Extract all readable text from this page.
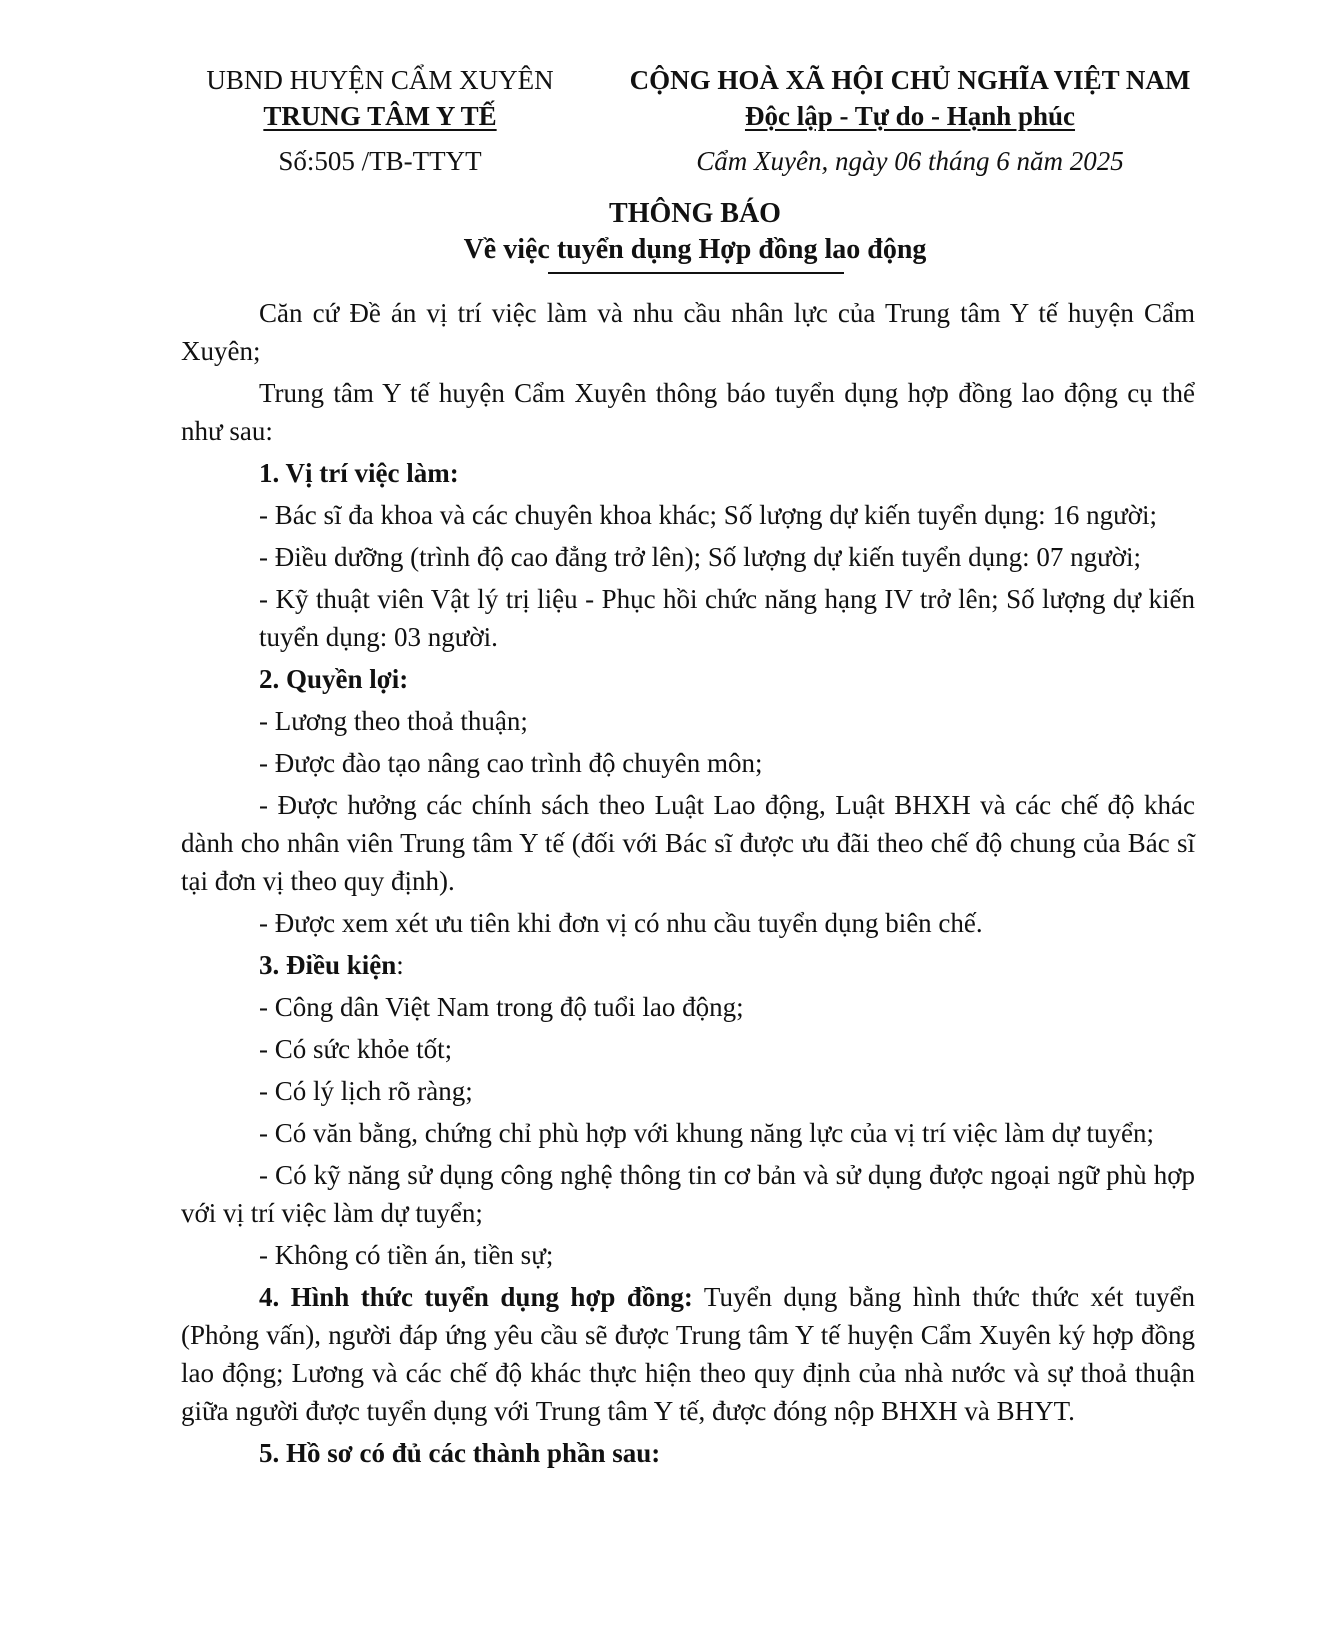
UBND HUYỆN CẨM XUYÊN
TRUNG TÂM Y TẾ
CỘNG HOÀ XÃ HỘI CHỦ NGHĨA VIỆT NAM
Độc lập - Tự do - Hạnh phúc
Số:505 /TB-TTYT	Cẩm Xuyên, ngày 06 tháng 6 năm 2025
THÔNG BÁO
Về việc tuyển dụng Hợp đồng lao động

Căn cứ Đề án vị trí việc làm và nhu cầu nhân lực của Trung tâm Y tế huyện Cẩm Xuyên;

Trung tâm Y tế huyện Cẩm Xuyên thông báo tuyển dụng hợp đồng lao động cụ thể như sau:

1. Vị trí việc làm:

- Bác sĩ đa khoa và các chuyên khoa khác; Số lượng dự kiến tuyển dụng: 16 người;

- Điều dưỡng (trình độ cao đẳng trở lên); Số lượng dự kiến tuyển dụng: 07 người;

- Kỹ thuật viên Vật lý trị liệu - Phục hồi chức năng hạng IV trở lên; Số lượng dự kiến tuyển dụng: 03 người.

2. Quyền lợi:

- Lương theo thoả thuận;

- Được đào tạo nâng cao trình độ chuyên môn;

- Được hưởng các chính sách theo Luật Lao động, Luật BHXH và các chế độ khác dành cho nhân viên Trung tâm Y tế (đối với Bác sĩ được ưu đãi theo chế độ chung của Bác sĩ tại đơn vị theo quy định).

- Được xem xét ưu tiên khi đơn vị có nhu cầu tuyển dụng biên chế.

3. Điều kiện:

- Công dân Việt Nam trong độ tuổi lao động;

- Có sức khỏe tốt;

- Có lý lịch rõ ràng;

- Có văn bằng, chứng chỉ phù hợp với khung năng lực của vị trí việc làm dự tuyển;

- Có kỹ năng sử dụng công nghệ thông tin cơ bản và sử dụng được ngoại ngữ phù hợp với vị trí việc làm dự tuyển;

- Không có tiền án, tiền sự;

4. Hình thức tuyển dụng hợp đồng: Tuyển dụng bằng hình thức thức xét tuyển (Phỏng vấn), người đáp ứng yêu cầu sẽ được Trung tâm Y tế huyện Cẩm Xuyên ký hợp đồng lao động; Lương và các chế độ khác thực hiện theo quy định của nhà nước và sự thoả thuận giữa người được tuyển dụng với Trung tâm Y tế, được đóng nộp BHXH và BHYT.

5. Hồ sơ có đủ các thành phần sau:
